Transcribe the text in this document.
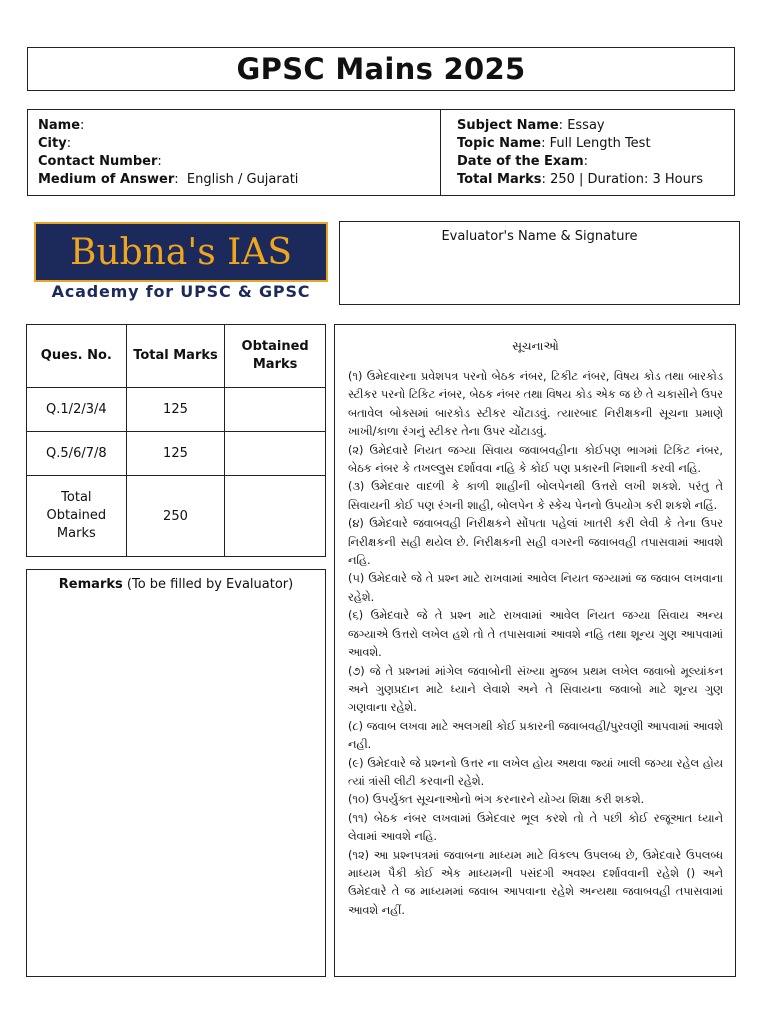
GPSC Mains 2025
Name:
City:
Contact Number:
Medium of Answer:  English / Gujarati
Subject Name: Essay
Topic Name: Full Length Test
Date of the Exam:
Total Marks: 250 | Duration: 3 Hours
Bubna's IAS
Academy for UPSC & GPSC
Evaluator's Name & Signature
Ques. No.	Total Marks	Obtained Marks
Q.1/2/3/4	125	
Q.5/6/7/8	125	
Total Obtained Marks	250	
Remarks (To be filled by Evaluator)

સૂચનાઓ

(૧) ઉમેદવારના પ્રવેશપત્ર પરનો બેઠક નંબર, ટિકીટ નંબર, વિષય કોડ તથા બારકોડ સ્ટીકર પરનો ટિકિટ નંબર, બેઠક નંબર તથા વિષય કોડ એક જ છે તે ચકાસીને ઉપર બતાવેલ બોક્સમાં બારકોડ સ્ટીકર ચોંટાડવું. ત્યારબાદ નિરીક્ષકની સૂચના પ્રમાણે ખાખી/કાળા રંગનું સ્ટીકર તેના ઉપર ચોંટાડવું.

(૨) ઉમેદવારે નિયત જગ્યા સિવાય જવાબવહીના કોઈપણ ભાગમાં ટિકિટ નંબર, બેઠક નંબર કે તખલ્લુસ દર્શાવવા નહિ કે કોઈ પણ પ્રકારની નિશાની કરવી નહિ.

(૩) ઉમેદવાર વાદળી કે કાળી શાહીની બોલપેનથી ઉત્તરો લખી શકશે. પરંતુ તે સિવાયની કોઈ પણ રંગની શાહી, બોલપેન કે સ્કેચ પેનનો ઉપયોગ કરી શકશે નહિં.

(૪) ઉમેદવારે જવાબવહી નિરીક્ષકને સોંપતા પહેલાં ખાતરી કરી લેવી કે તેના ઉપર નિરીક્ષકની સહી થયેલ છે. નિરીક્ષકની સહી વગરની જવાબવહી તપાસવામાં આવશે નહિ.

(૫) ઉમેદવારે જે તે પ્રશ્ન માટે રાખવામાં આવેલ નિયત જગ્યામાં જ જવાબ લખવાના રહેશે.

(૬) ઉમેદવારે જે તે પ્રશ્ન માટે રાખવામાં આવેલ નિયત જગ્યા સિવાય અન્ય જગ્યાએ ઉત્તરો લખેલ હશે તો તે તપાસવામાં આવશે નહિ તથા શૂન્ય ગુણ આપવામાં આવશે.

(૭) જે તે પ્રશ્નમાં માંગેલ જવાબોની સંખ્યા મુજબ પ્રથમ લખેલ જવાબો મૂલ્યાંકન અને ગુણપ્રદાન માટે ધ્યાને લેવાશે અને તે સિવાયના જવાબો માટે શૂન્ય ગુણ ગણવાના રહેશે.

(૮) જવાબ લખવા માટે અલગથી કોઈ પ્રકારની જવાબવહી/પુરવણી આપવામાં આવશે નહી.

(૯) ઉમેદવારે જે પ્રશ્નનો ઉત્તર ના લખેલ હોય અથવા જ્યાં ખાલી જગ્યા રહેલ હોય ત્યાં ત્રાંસી લીટી કરવાની રહેશે.

(૧૦) ઉપર્યુક્ત સૂચનાઓનો ભંગ કરનારને યોગ્ય શિક્ષા કરી શકશે.

(૧૧) બેઠક નંબર લખવામાં ઉમેદવાર ભૂલ કરશે તો તે પછી કોઈ રજૂઆત ધ્યાને લેવામાં આવશે નહિ.

(૧૨) આ પ્રશ્નપત્રમાં જવાબના માધ્યમ માટે વિકલ્પ ઉપલબ્ધ છે, ઉમેદવારે ઉપલબ્ધ માધ્યમ પૈકી કોઈ એક માધ્યમની પસંદગી અવશ્ય દર્શાવવાની રહેશે () અને ઉમેદવારે તે જ માધ્યમમાં જવાબ આપવાના રહેશે અન્યથા જવાબવહી તપાસવામાં આવશે નહીં.
